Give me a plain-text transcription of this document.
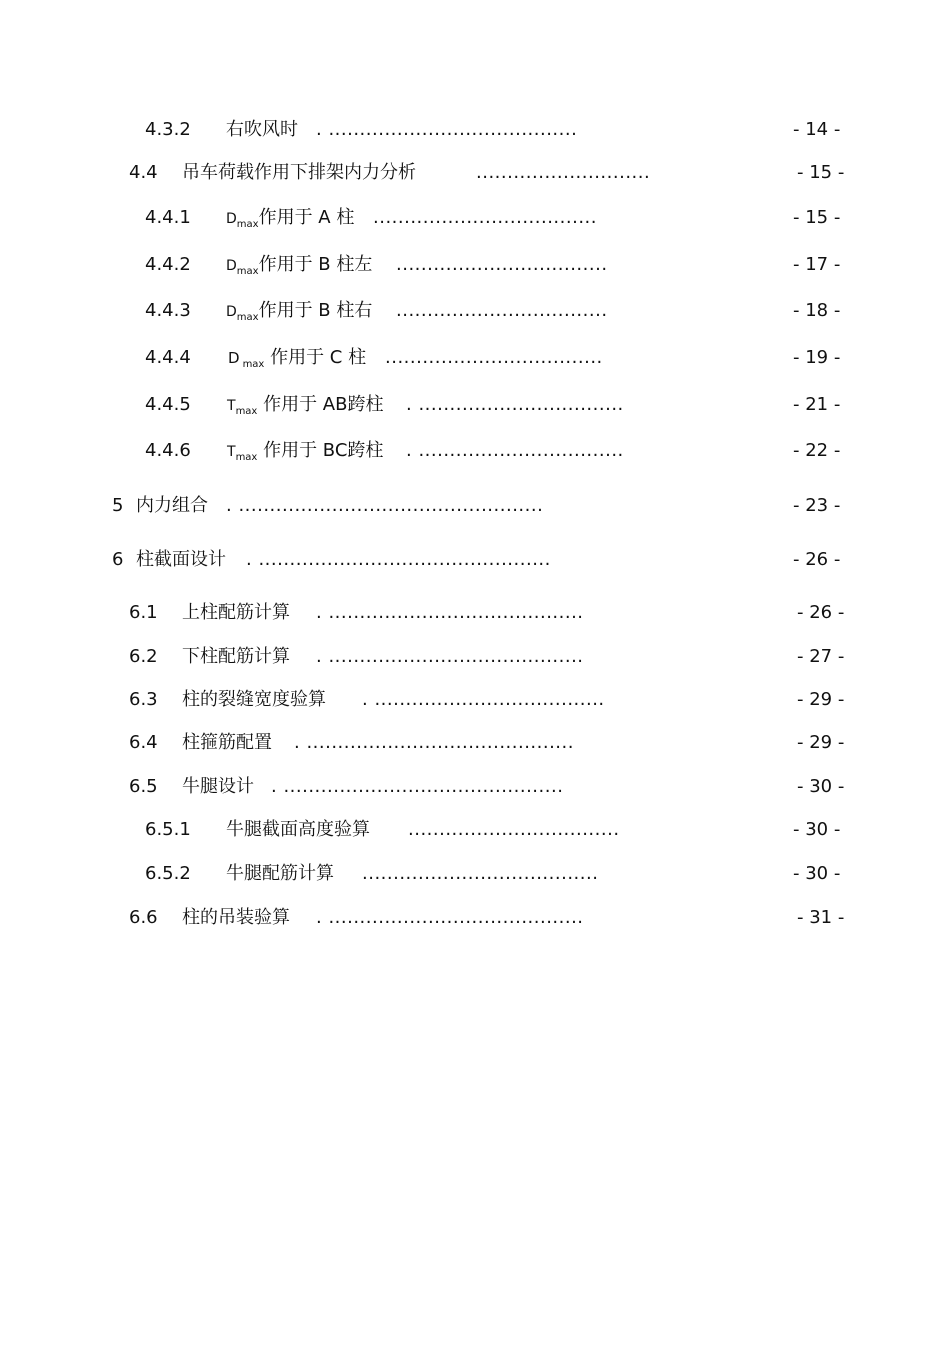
4.3.2 右吹风时 . ........................................	- 14 -
4.4 吊车荷载作用下排架内力分析	............................	- 15 -
4.4.1	$D_{max}$作用于 A 柱 ....................................	- 15 -
4.4.2	$D_{max}$作用于 B 柱左 ..................................	- 17 -
4.4.3	$D_{max}$作用于 B 柱右 ..................................	- 18 -
4.4.4 D $_{max}$ 作用于 C 柱 ...................................	- 19 -
4.4.5	$T_{max}$ 作用于 AB跨柱 . .................................	- 21 -
4.4.6	$T_{max}$ 作用于 BC跨柱 . .................................	- 22 -
5 内力组合 . .................................................	- 23 -
6 柱截面设计 . ...............................................	- 26 -
6.1 上柱配筋计算 . .........................................	- 26 -
6.2 下柱配筋计算 . .........................................	- 27 -
6.3 柱的裂缝宽度验算 . .....................................	- 29 -
6.4 柱箍筋配置 . ...........................................	- 29 -
6.5 牛腿设计 . .............................................	- 30 -
6.5.1 牛腿截面高度验算 ..................................	- 30 -
6.5.2 牛腿配筋计算 ......................................	- 30 -
6.6 柱的吊装验算 . .........................................	- 31 -
